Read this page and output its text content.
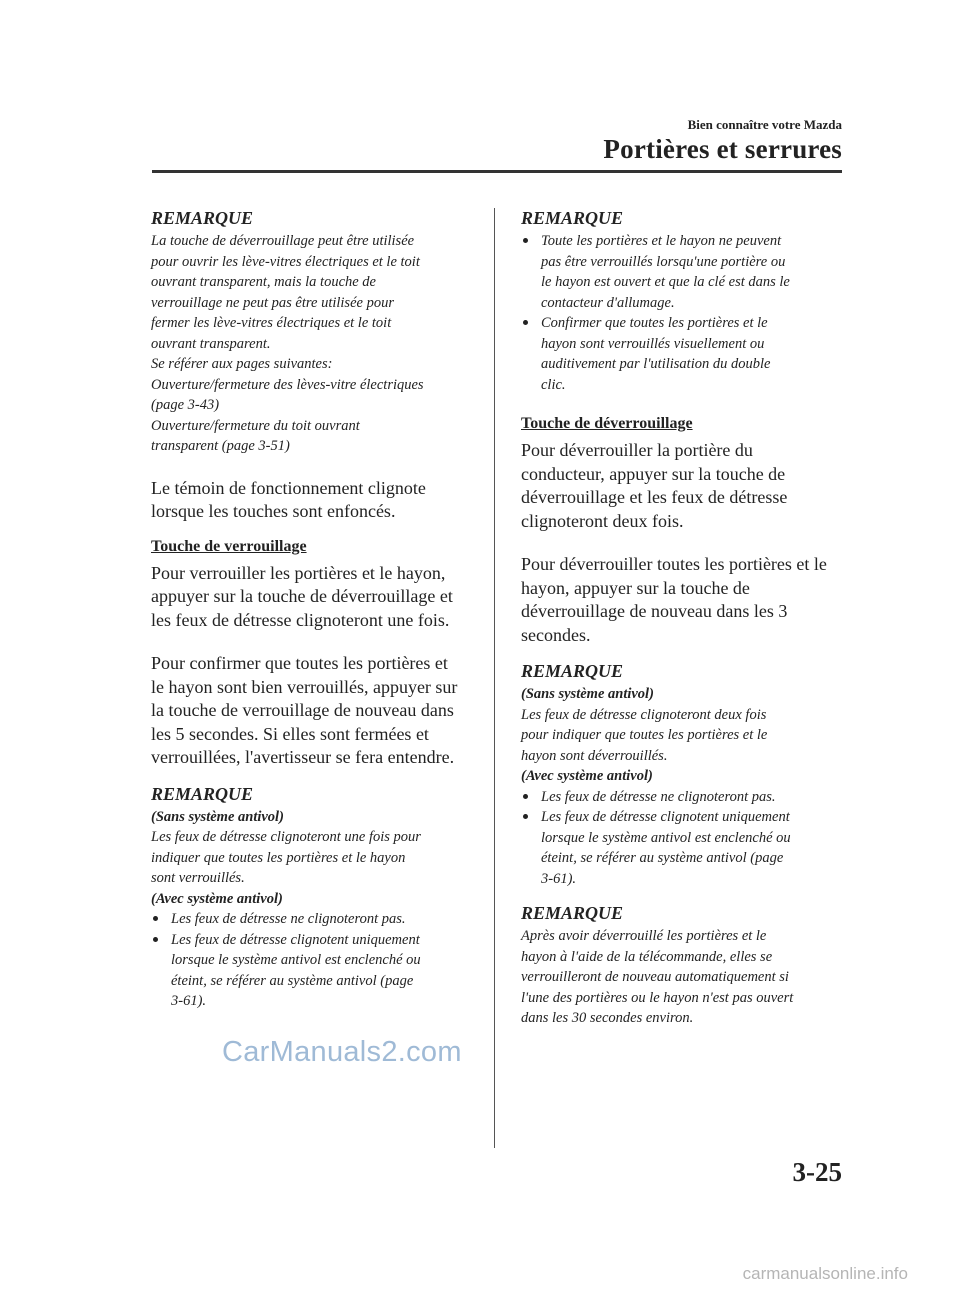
Bien connaître votre Mazda
Portières et serrures
REMARQUE

La touche de déverrouillage peut être utilisée
pour ouvrir les lève-vitres électriques et le toit
ouvrant transparent, mais la touche de
verrouillage ne peut pas être utilisée pour
fermer les lève-vitres électriques et le toit
ouvrant transparent.
Se référer aux pages suivantes:
Ouverture/fermeture des lèves-vitre électriques
(page 3-43)
Ouverture/fermeture du toit ouvrant
transparent (page 3-51)

Le témoin de fonctionnement clignote
lorsque les touches sont enfoncés.

Touche de verrouillage

Pour verrouiller les portières et le hayon,
appuyer sur la touche de déverrouillage et
les feux de détresse clignoteront une fois.

Pour confirmer que toutes les portières et
le hayon sont bien verrouillés, appuyer sur
la touche de verrouillage de nouveau dans
les 5 secondes. Si elles sont fermées et
verrouillées, l'avertisseur se fera entendre.

REMARQUE

(Sans système antivol)

Les feux de détresse clignoteront une fois pour
indiquer que toutes les portières et le hayon
sont verrouillés.

(Avec système antivol)

Les feux de détresse ne clignoteront pas.
Les feux de détresse clignotent uniquement
lorsque le système antivol est enclenché ou
éteint, se référer au système antivol (page
3-61).
REMARQUE
Toute les portières et le hayon ne peuvent
pas être verrouillés lorsqu'une portière ou
le hayon est ouvert et que la clé est dans le
contacteur d'allumage.
Confirmer que toutes les portières et le
hayon sont verrouillés visuellement ou
auditivement par l'utilisation du double
clic.
Touche de déverrouillage

Pour déverrouiller la portière du
conducteur, appuyer sur la touche de
déverrouillage et les feux de détresse
clignoteront deux fois.

Pour déverrouiller toutes les portières et le
hayon, appuyer sur la touche de
déverrouillage de nouveau dans les 3
secondes.

REMARQUE

(Sans système antivol)

Les feux de détresse clignoteront deux fois
pour indiquer que toutes les portières et le
hayon sont déverrouillés.

(Avec système antivol)

Les feux de détresse ne clignoteront pas.
Les feux de détresse clignotent uniquement
lorsque le système antivol est enclenché ou
éteint, se référer au système antivol (page
3-61).
REMARQUE

Après avoir déverrouillé les portières et le
hayon à l'aide de la télécommande, elles se
verrouilleront de nouveau automatiquement si
l'une des portières ou le hayon n'est pas ouvert
dans les 30 secondes environ.

CarManuals2.com
3-25
carmanualsonline.info
